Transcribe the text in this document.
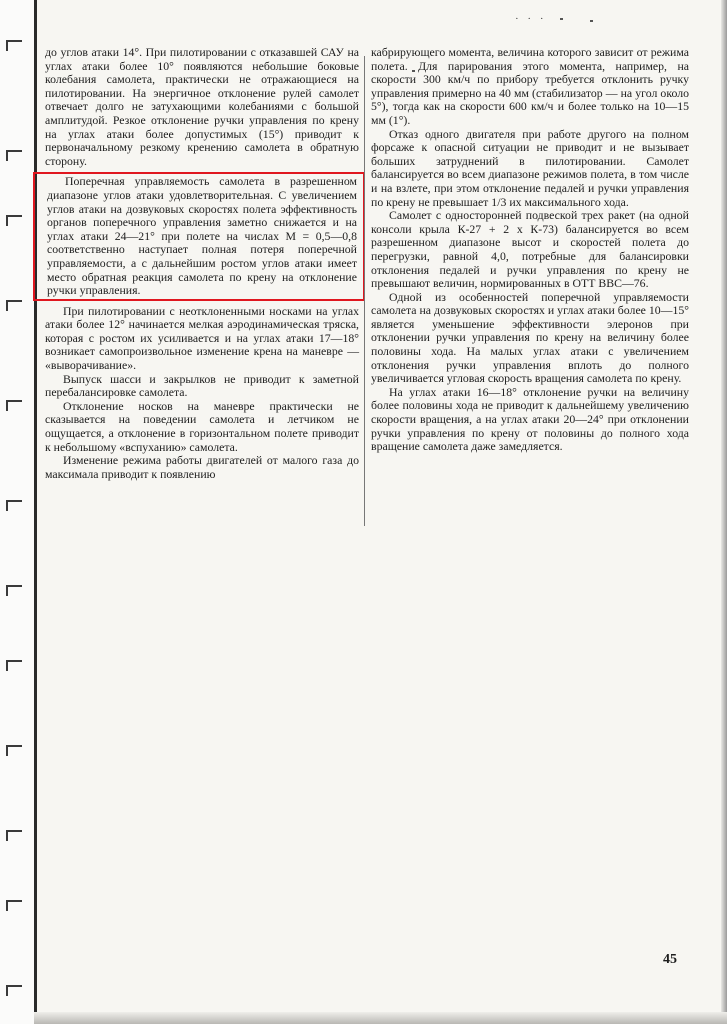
· · ·

до углов атаки 14°. При пилотировании с отказавшей САУ на углах атаки более 10° появляются небольшие боковые колебания самолета, практически не отражающиеся на пилотировании. На энергичное отклонение рулей самолет отвечает долго не затухающими колебаниями с большой амплитудой. Резкое отклонение ручки управления по крену на углах атаки более допустимых (15°) приводит к первоначальному резкому кренению самолета в обратную сторону.

Поперечная управляемость самолета в разрешенном диапазоне углов атаки удовлетворительная. С увеличением углов атаки на дозвуковых скоростях полета эффективность органов поперечного управления заметно снижается и на углах атаки 24—21° при полете на числах М = 0,5—0,8 соответственно наступает полная потеря поперечной управляемости, а с дальнейшим ростом углов атаки имеет место обратная реакция самолета по крену на отклонение ручки управления.

При пилотировании с неотклоненными носками на углах атаки более 12° начинается мелкая аэродинамическая тряска, которая с ростом их усиливается и на углах атаки 17—18° возникает самопроизвольное изменение крена на маневре — «выворачивание».

Выпуск шасси и закрылков не приводит к заметной перебалансировке самолета.

Отклонение носков на маневре практически не сказывается на поведении самолета и летчиком не ощущается, а отклонение в горизонтальном полете приводит к небольшому «вспуханию» самолета.

Изменение режима работы двигателей от малого газа до максимала приводит к появлению

кабрирующего момента, величина которого зависит от режима полета. Для парирования этого момента, например, на скорости 300 км/ч по прибору требуется отклонить ручку управления примерно на 40 мм (стабилизатор — на угол около 5°), тогда как на скорости 600 км/ч и более только на 10—15 мм (1°).

Отказ одного двигателя при работе другого на полном форсаже к опасной ситуации не приводит и не вызывает больших затруднений в пилотировании. Самолет балансируется во всем диапазоне режимов полета, в том числе и на взлете, при этом отклонение педалей и ручки управления по крену не превышает 1/3 их максимального хода.

Самолет с односторонней подвеской трех ракет (на одной консоли крыла К-27 + 2 х К-73) балансируется во всем разрешенном диапазоне высот и скоростей полета до перегрузки, равной 4,0, потребные для балансировки отклонения педалей и ручки управления по крену не превышают величин, нормированных в ОТТ ВВС—76.

Одной из особенностей поперечной управляемости самолета на дозвуковых скоростях и углах атаки более 10—15° является уменьшение эффективности элеронов при отклонении ручки управления по крену на величину более половины хода. На малых углах атаки с увеличением отклонения ручки управления вплоть до полного увеличивается угловая скорость вращения самолета по крену.

На углах атаки 16—18° отклонение ручки на величину более половины хода не приводит к дальнейшему увеличению скорости вращения, а на углах атаки 20—24° при отклонении ручки управления по крену от половины до полного хода вращение самолета даже замедляется.

45
